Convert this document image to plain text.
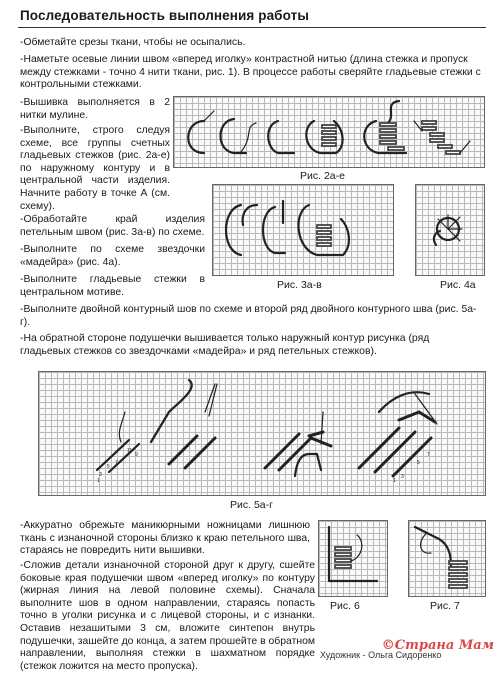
Последовательность выполнения работы

-Обметайте срезы ткани, чтобы не осыпались.

-Наметьте осевые линии швом «вперед иголку» контрастной нитью (длина стежка и пропуск между стежками - точно 4 нити ткани, рис. 1). В процессе работы сверяйте гладьевые стежки с контрольными стежками.

-Вышивка выполняется в 2 нитки мулине.

-Выполните, строго следуя схеме, все группы счетных гладьевых стежков (рис. 2а-е) по наружному контуру и в центральной части изделия. Начните работу в точке А (см. схему).

-Обработайте край изделия петельным швом (рис. 3а-в) по схеме.

-Выполните по схеме звездочки «мадейра» (рис. 4а).

-Выполните гладьевые стежки в центральном мотиве.

-Выполните двойной контурный шов по схеме и второй ряд двойного контурного шва (рис. 5а-г).

-На обратной стороне подушечки вышивается только наружный контур рисунка (ряд гладьевых стежков со звездочками «мадейра» и ряд петельных стежков).

Рис. 2а-е
Рис. 3а-в	Рис. 4а
11
9
7
5
3
1	1
3
5
7
Рис. 5а-г

-Аккуратно обрежьте маникюрными ножницами лишнюю ткань с изнаночной стороны близко к краю петельного шва, стараясь не повредить нити вышивки.

-Сложив детали изнаночной стороной друг к другу, сшейте боковые края подушечки швом «вперед иголку» по контуру (жирная линия на левой половине схемы). Сначала выполните шов в одном направлении, стараясь попасть точно в уголки рисунка и с лицевой стороны, и с изнанки. Оставив незашитыми 3 см, вложите синтепон внутрь подушечки, зашейте до конца, а затем прошейте в обратном направлении, выполняя стежки в шахматном порядке (стежок ложится на место пропуска).

Рис. 6	Рис. 7
©Страна Мам
Художник - Ольга Сидоренко
